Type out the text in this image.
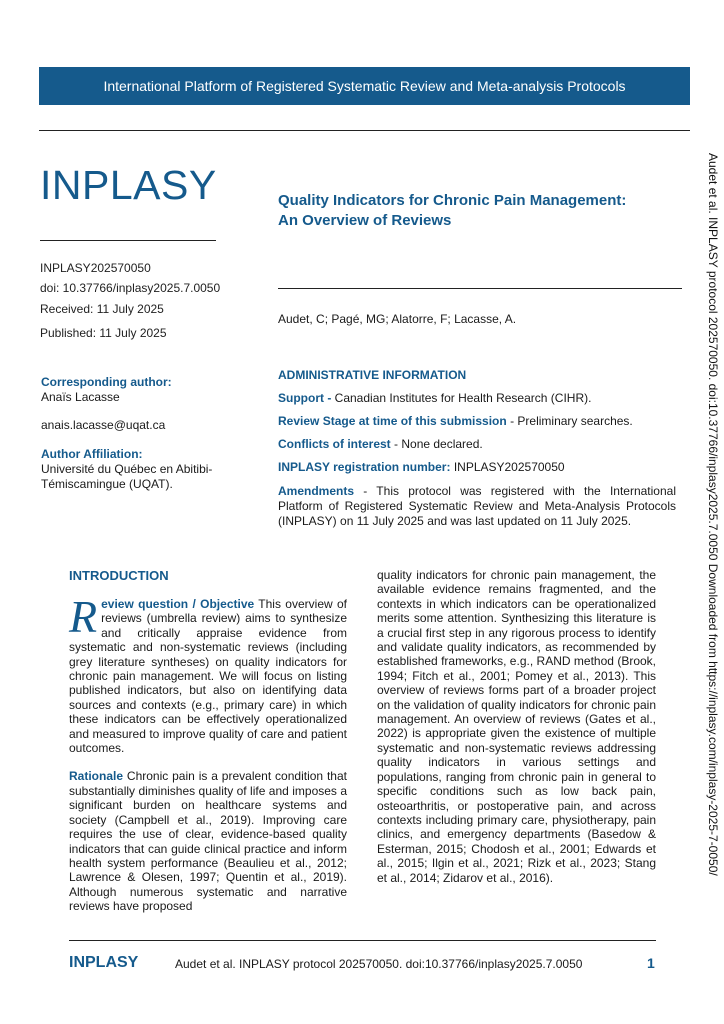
International Platform of Registered Systematic Review and Meta-analysis Protocols
INPLASY
INPLASY202570050
doi: 10.37766/inplasy2025.7.0050
Received: 11 July 2025
Published: 11 July 2025
Quality Indicators for Chronic Pain Management:
An Overview of Reviews
Audet, C; Pagé, MG; Alatorre, F; Lacasse, A.
Corresponding author:
Anaïs Lacasse
anais.lacasse@uqat.ca
Author Affiliation:
Université du Québec en Abitibi-
Témiscamingue (UQAT).
ADMINISTRATIVE INFORMATION
Support - Canadian Institutes for Health Research (CIHR).
Review Stage at time of this submission - Preliminary searches.
Conflicts of interest - None declared.
INPLASY registration number: INPLASY202570050
Amendments - This protocol was registered with the International Platform of Registered Systematic Review and Meta-Analysis Protocols (INPLASY) on 11 July 2025 and was last updated on 11 July 2025.
INTRODUCTION

Review question / Objective This overview of reviews (umbrella review) aims to synthesize and critically appraise evidence from systematic and non-systematic reviews (including grey literature syntheses) on quality indicators for chronic pain management. We will focus on listing published indicators, but also on identifying data sources and contexts (e.g., primary care) in which these indicators can be effectively operationalized and measured to improve quality of care and patient outcomes.

Rationale Chronic pain is a prevalent condition that substantially diminishes quality of life and imposes a significant burden on healthcare systems and society (Campbell et al., 2019). Improving care requires the use of clear, evidence-based quality indicators that can guide clinical practice and inform health system performance (Beaulieu et al., 2012; Lawrence & Olesen, 1997; Quentin et al., 2019). Although numerous systematic and narrative reviews have proposed

quality indicators for chronic pain management, the available evidence remains fragmented, and the contexts in which indicators can be operationalized merits some attention. Synthesizing this literature is a crucial first step in any rigorous process to identify and validate quality indicators, as recommended by established frameworks, e.g., RAND method (Brook, 1994; Fitch et al., 2001; Pomey et al., 2013). This overview of reviews forms part of a broader project on the validation of quality indicators for chronic pain management. An overview of reviews (Gates et al., 2022) is appropriate given the existence of multiple systematic and non-systematic reviews addressing quality indicators in various settings and populations, ranging from chronic pain in general to specific conditions such as low back pain, osteoarthritis, or postoperative pain, and across contexts including primary care, physiotherapy, pain clinics, and emergency departments (Basedow & Esterman, 2015; Chodosh et al., 2001; Edwards et al., 2015; Ilgin et al., 2021; Rizk et al., 2023; Stang et al., 2014; Zidarov et al., 2016).

Audet et al. INPLASY protocol 202570050. doi:10.37766/inplasy2025.7.0050 Downloaded from https://inplasy.com/inplasy-2025-7-0050/
INPLASY	Audet et al. INPLASY protocol 202570050. doi:10.37766/inplasy2025.7.0050	1
